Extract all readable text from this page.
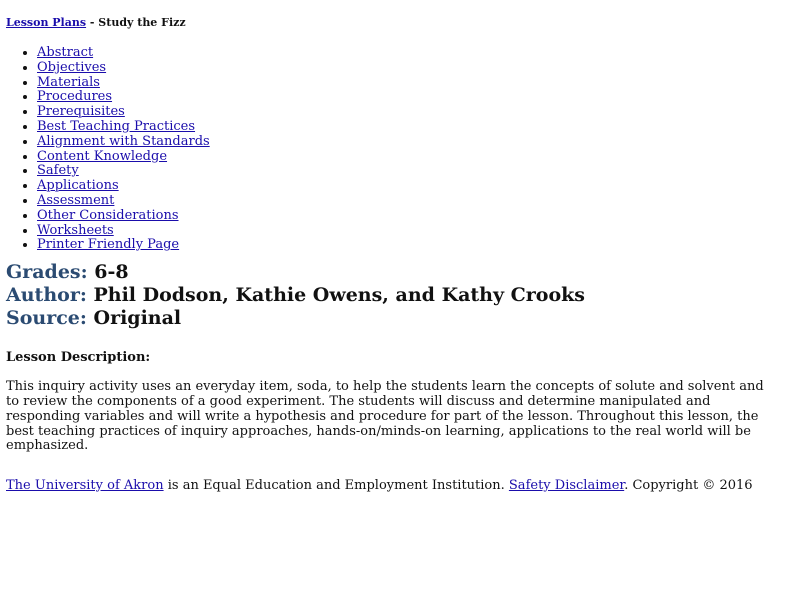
Lesson Plans - Study the Fizz
• Abstract
• Objectives
• Materials
• Procedures
• Prerequisites
• Best Teaching Practices
• Alignment with Standards
• Content Knowledge
• Safety
• Applications
• Assessment
• Other Considerations
• Worksheets
• Printer Friendly Page
Grades: 6-8
Author: Phil Dodson, Kathie Owens, and Kathy Crooks
Source: Original

Lesson Description:

This inquiry activity uses an everyday item, soda, to help the students learn the concepts of solute and solvent and to review the components of a good experiment. The students will discuss and determine manipulated and responding variables and will write a hypothesis and procedure for part of the lesson. Throughout this lesson, the best teaching practices of inquiry approaches, hands-on/minds-on learning, applications to the real world will be emphasized.

The University of Akron is an Equal Education and Employment Institution. Safety Disclaimer. Copyright © 2016
